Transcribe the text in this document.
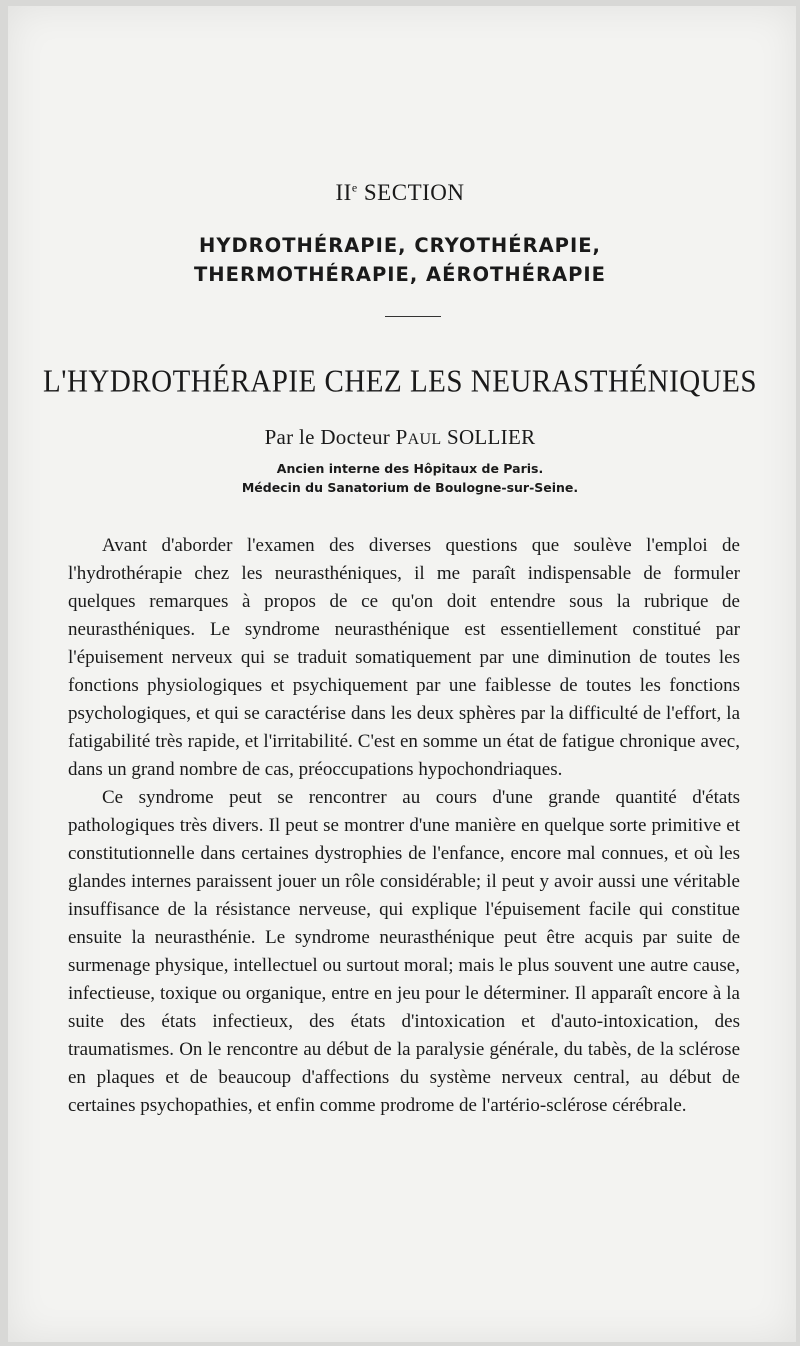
IIe SECTION
HYDROTHÉRAPIE, CRYOTHÉRAPIE,
THERMOTHÉRAPIE, AÉROTHÉRAPIE
L'HYDROTHÉRAPIE CHEZ LES NEURASTHÉNIQUES
Par le Docteur PAUL SOLLIER
Ancien interne des Hôpitaux de Paris.
Médecin du Sanatorium de Boulogne-sur-Seine.

Avant d'aborder l'examen des diverses questions que soulève l'emploi de l'hydrothérapie chez les neurasthéniques, il me paraît indispensable de formuler quelques remarques à propos de ce qu'on doit entendre sous la rubrique de neurasthéniques. Le syndrome neurasthénique est essentiellement constitué par l'épuisement nerveux qui se traduit somatiquement par une diminution de toutes les fonctions physiologiques et psychiquement par une faiblesse de toutes les fonctions psychologiques, et qui se caractérise dans les deux sphères par la difficulté de l'effort, la fatigabilité très rapide, et l'irritabilité. C'est en somme un état de fatigue chronique avec, dans un grand nombre de cas, préoccupations hypochondriaques.

Ce syndrome peut se rencontrer au cours d'une grande quantité d'états pathologiques très divers. Il peut se montrer d'une manière en quelque sorte primitive et constitutionnelle dans certaines dystrophies de l'enfance, encore mal connues, et où les glandes internes paraissent jouer un rôle considérable; il peut y avoir aussi une véritable insuffisance de la résistance nerveuse, qui explique l'épuisement facile qui constitue ensuite la neurasthénie. Le syndrome neurasthénique peut être acquis par suite de surmenage physique, intellectuel ou surtout moral; mais le plus souvent une autre cause, infectieuse, toxique ou organique, entre en jeu pour le déterminer. Il apparaît encore à la suite des états infectieux, des états d'intoxication et d'auto-intoxication, des traumatismes. On le rencontre au début de la paralysie générale, du tabès, de la sclérose en plaques et de beaucoup d'affections du système nerveux central, au début de certaines psychopathies, et enfin comme prodrome de l'artério-sclérose cérébrale.
